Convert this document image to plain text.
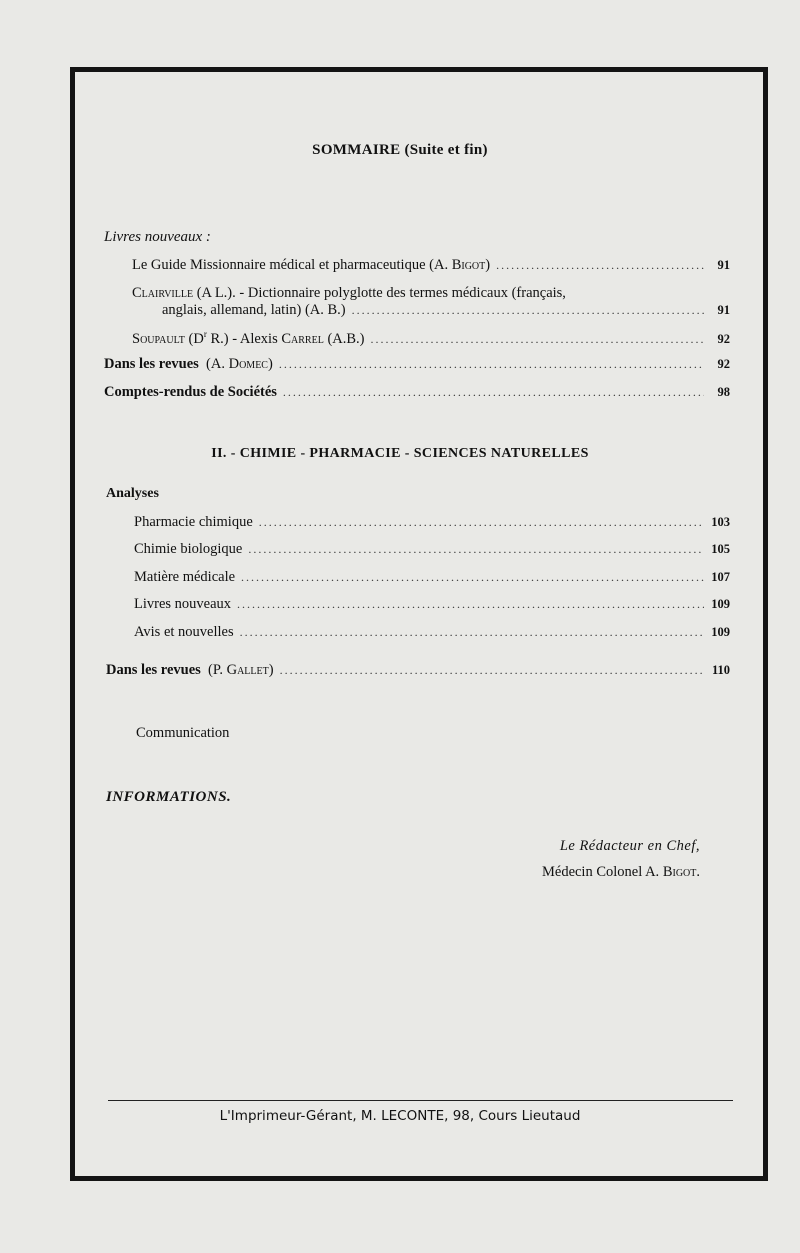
SOMMAIRE (Suite et fin)
Livres nouveaux :
Le Guide Missionnaire médical et pharmaceutique (A. Bigot) .....	91
Clairville (A L.). - Dictionnaire polyglotte des termes médicaux (français,
anglais, allemand, latin) (A. B.) .....	91
Soupault ($D^r$ R.) - Alexis Carrel (A.B.) .....	92
Dans les revues (A. Domec) .....	92
Comptes-rendus de Sociétés .....	98
II. - CHIMIE - PHARMACIE - SCIENCES NATURELLES
Analyses
Pharmacie chimique .....	103
Chimie biologique .....	105
Matière médicale .....	107
Livres nouveaux .....	109
Avis et nouvelles .....	109
Dans les revues (P. Gallet) .....	110
Communication
INFORMATIONS.
Le Rédacteur en Chef,
Médecin Colonel A. Bigot.
L'Imprimeur-Gérant, M. LECONTE, 98, Cours Lieutaud
